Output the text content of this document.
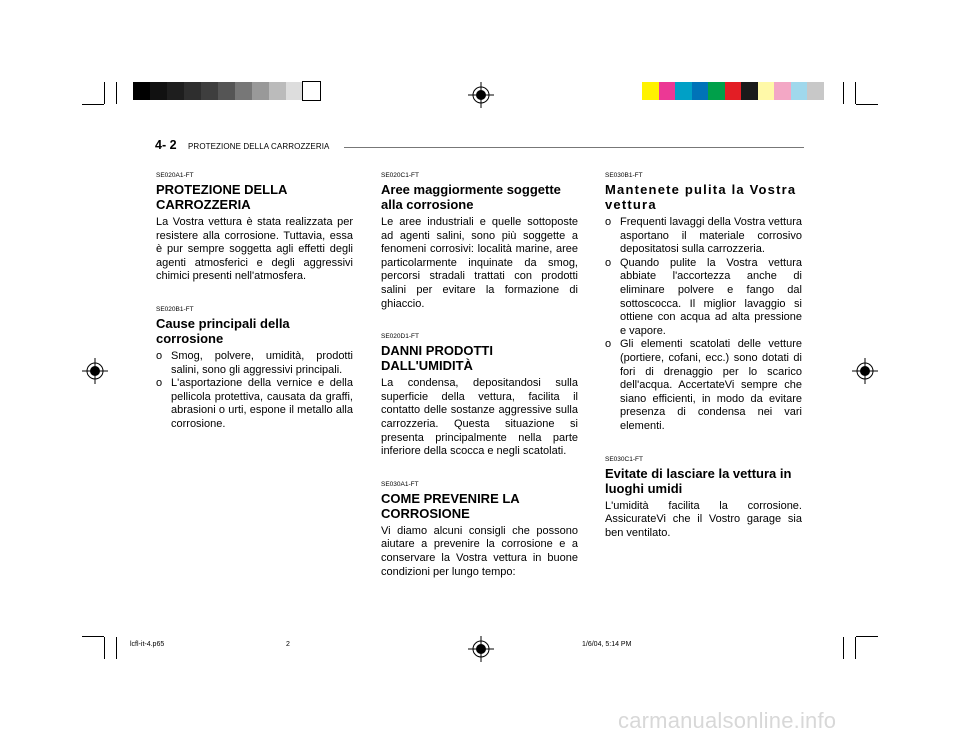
4- 2 PROTEZIONE DELLA CARROZZERIA
SE020A1-FT
PROTEZIONE DELLA CARROZZERIA

La Vostra vettura è stata realizzata per resistere alla corrosione. Tuttavia, essa è pur sempre soggetta agli effetti degli agenti atmosferici e degli aggressivi chimici presenti nell'atmosfera.

SE020B1-FT
Cause principali della corrosione
o Smog, polvere, umidità, prodotti salini, sono gli aggressivi principali.
o L'asportazione della vernice e della pellicola protettiva, causata da graffi, abrasioni o urti, espone il metallo alla corrosione.
SE020C1-FT
Aree maggiormente soggette alla corrosione

Le aree industriali e quelle sottoposte ad agenti salini, sono più soggette a fenomeni corrosivi: località marine, aree particolarmente inquinate da smog, percorsi stradali trattati con prodotti salini per evitare la formazione di ghiaccio.

SE020D1-FT
DANNI PRODOTTI DALL'UMIDITÀ

La condensa, depositandosi sulla superficie della vettura, facilita il contatto delle sostanze aggressive sulla carrozzeria. Questa situazione si presenta principalmente nella parte inferiore della scocca e negli scatolati.

SE030A1-FT
COME PREVENIRE LA CORROSIONE

Vi diamo alcuni consigli che possono aiutare a prevenire la corrosione e a conservare la Vostra vettura in buone condizioni per lungo tempo:

SE030B1-FT
Mantenete pulita la Vostra vettura
o Frequenti lavaggi della Vostra vettura asportano il materiale corrosivo depositatosi sulla carrozzeria.
o Quando pulite la Vostra vettura abbiate l'accortezza anche di eliminare polvere e fango dal sottoscocca. Il miglior lavaggio si ottiene con acqua ad alta pressione e vapore.
o Gli elementi scatolati delle vetture (portiere, cofani, ecc.) sono dotati di fori di drenaggio per lo scarico dell'acqua. AccertateVi sempre che siano efficienti, in modo da evitare presenza di condensa nei vari elementi.
SE030C1-FT
Evitate di lasciare la vettura in luoghi umidi

L'umidità facilita la corrosione. AssicurateVi che il Vostro garage sia ben ventilato.

lcfl-it-4.p65	2	1/6/04, 5:14 PM
carmanualsonline.info
